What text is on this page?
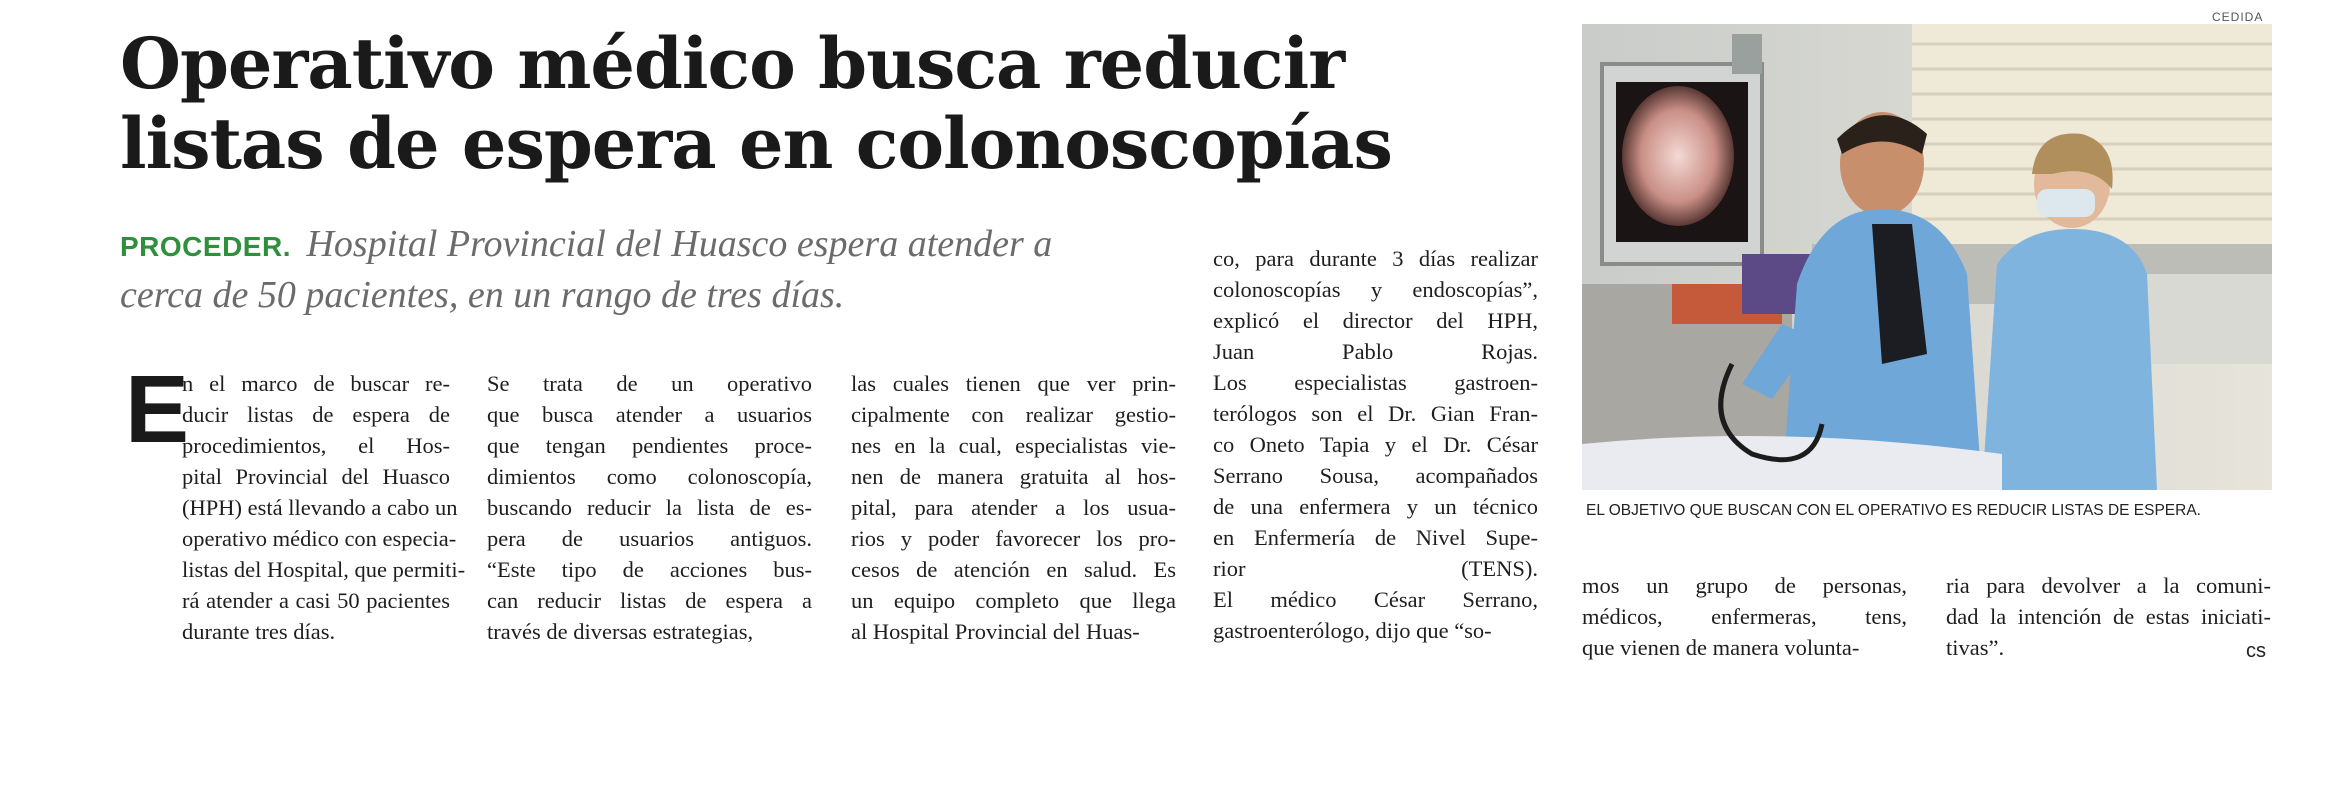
Operativo médico busca reducir
listas de espera en colonoscopías

PROCEDER. Hospital Provincial del Huasco espera atender a
cerca de 50 pacientes, en un rango de tres días.

E
n el marco de buscar re-
ducir listas de espera de
procedimientos, el Hos-
pital Provincial del Huasco
(HPH) está llevando a cabo un
operativo médico con especia-
listas del Hospital, que permiti-
rá atender a casi 50 pacientes
durante tres días.
Se trata de un operativo
que busca atender a usuarios
que tengan pendientes proce-
dimientos como colonoscopía,
buscando reducir la lista de es-
pera de usuarios antiguos.
“Este tipo de acciones bus-
can reducir listas de espera a
través de diversas estrategias,
las cuales tienen que ver prin-
cipalmente con realizar gestio-
nes en la cual, especialistas vie-
nen de manera gratuita al hos-
pital, para atender a los usua-
rios y poder favorecer los pro-
cesos de atención en salud. Es
un equipo completo que llega
al Hospital Provincial del Huas-
co, para durante 3 días realizar
colonoscopías y endoscopías”,
explicó el director del HPH,
Juan Pablo Rojas.
Los especialistas gastroen-
terólogos son el Dr. Gian Fran-
co Oneto Tapia y el Dr. César
Serrano Sousa, acompañados
de una enfermera y un técnico
en Enfermería de Nivel Supe-
rior (TENS).
El médico César Serrano,
gastroenterólogo, dijo que “so-
mos un grupo de personas,
médicos, enfermeras, tens,
que vienen de manera volunta-
ria para devolver a la comuni-
dad la intención de estas iniciati-
tivas”.
CEDIDA
EL OBJETIVO QUE BUSCAN CON EL OPERATIVO ES REDUCIR LISTAS DE ESPERA.
cs
